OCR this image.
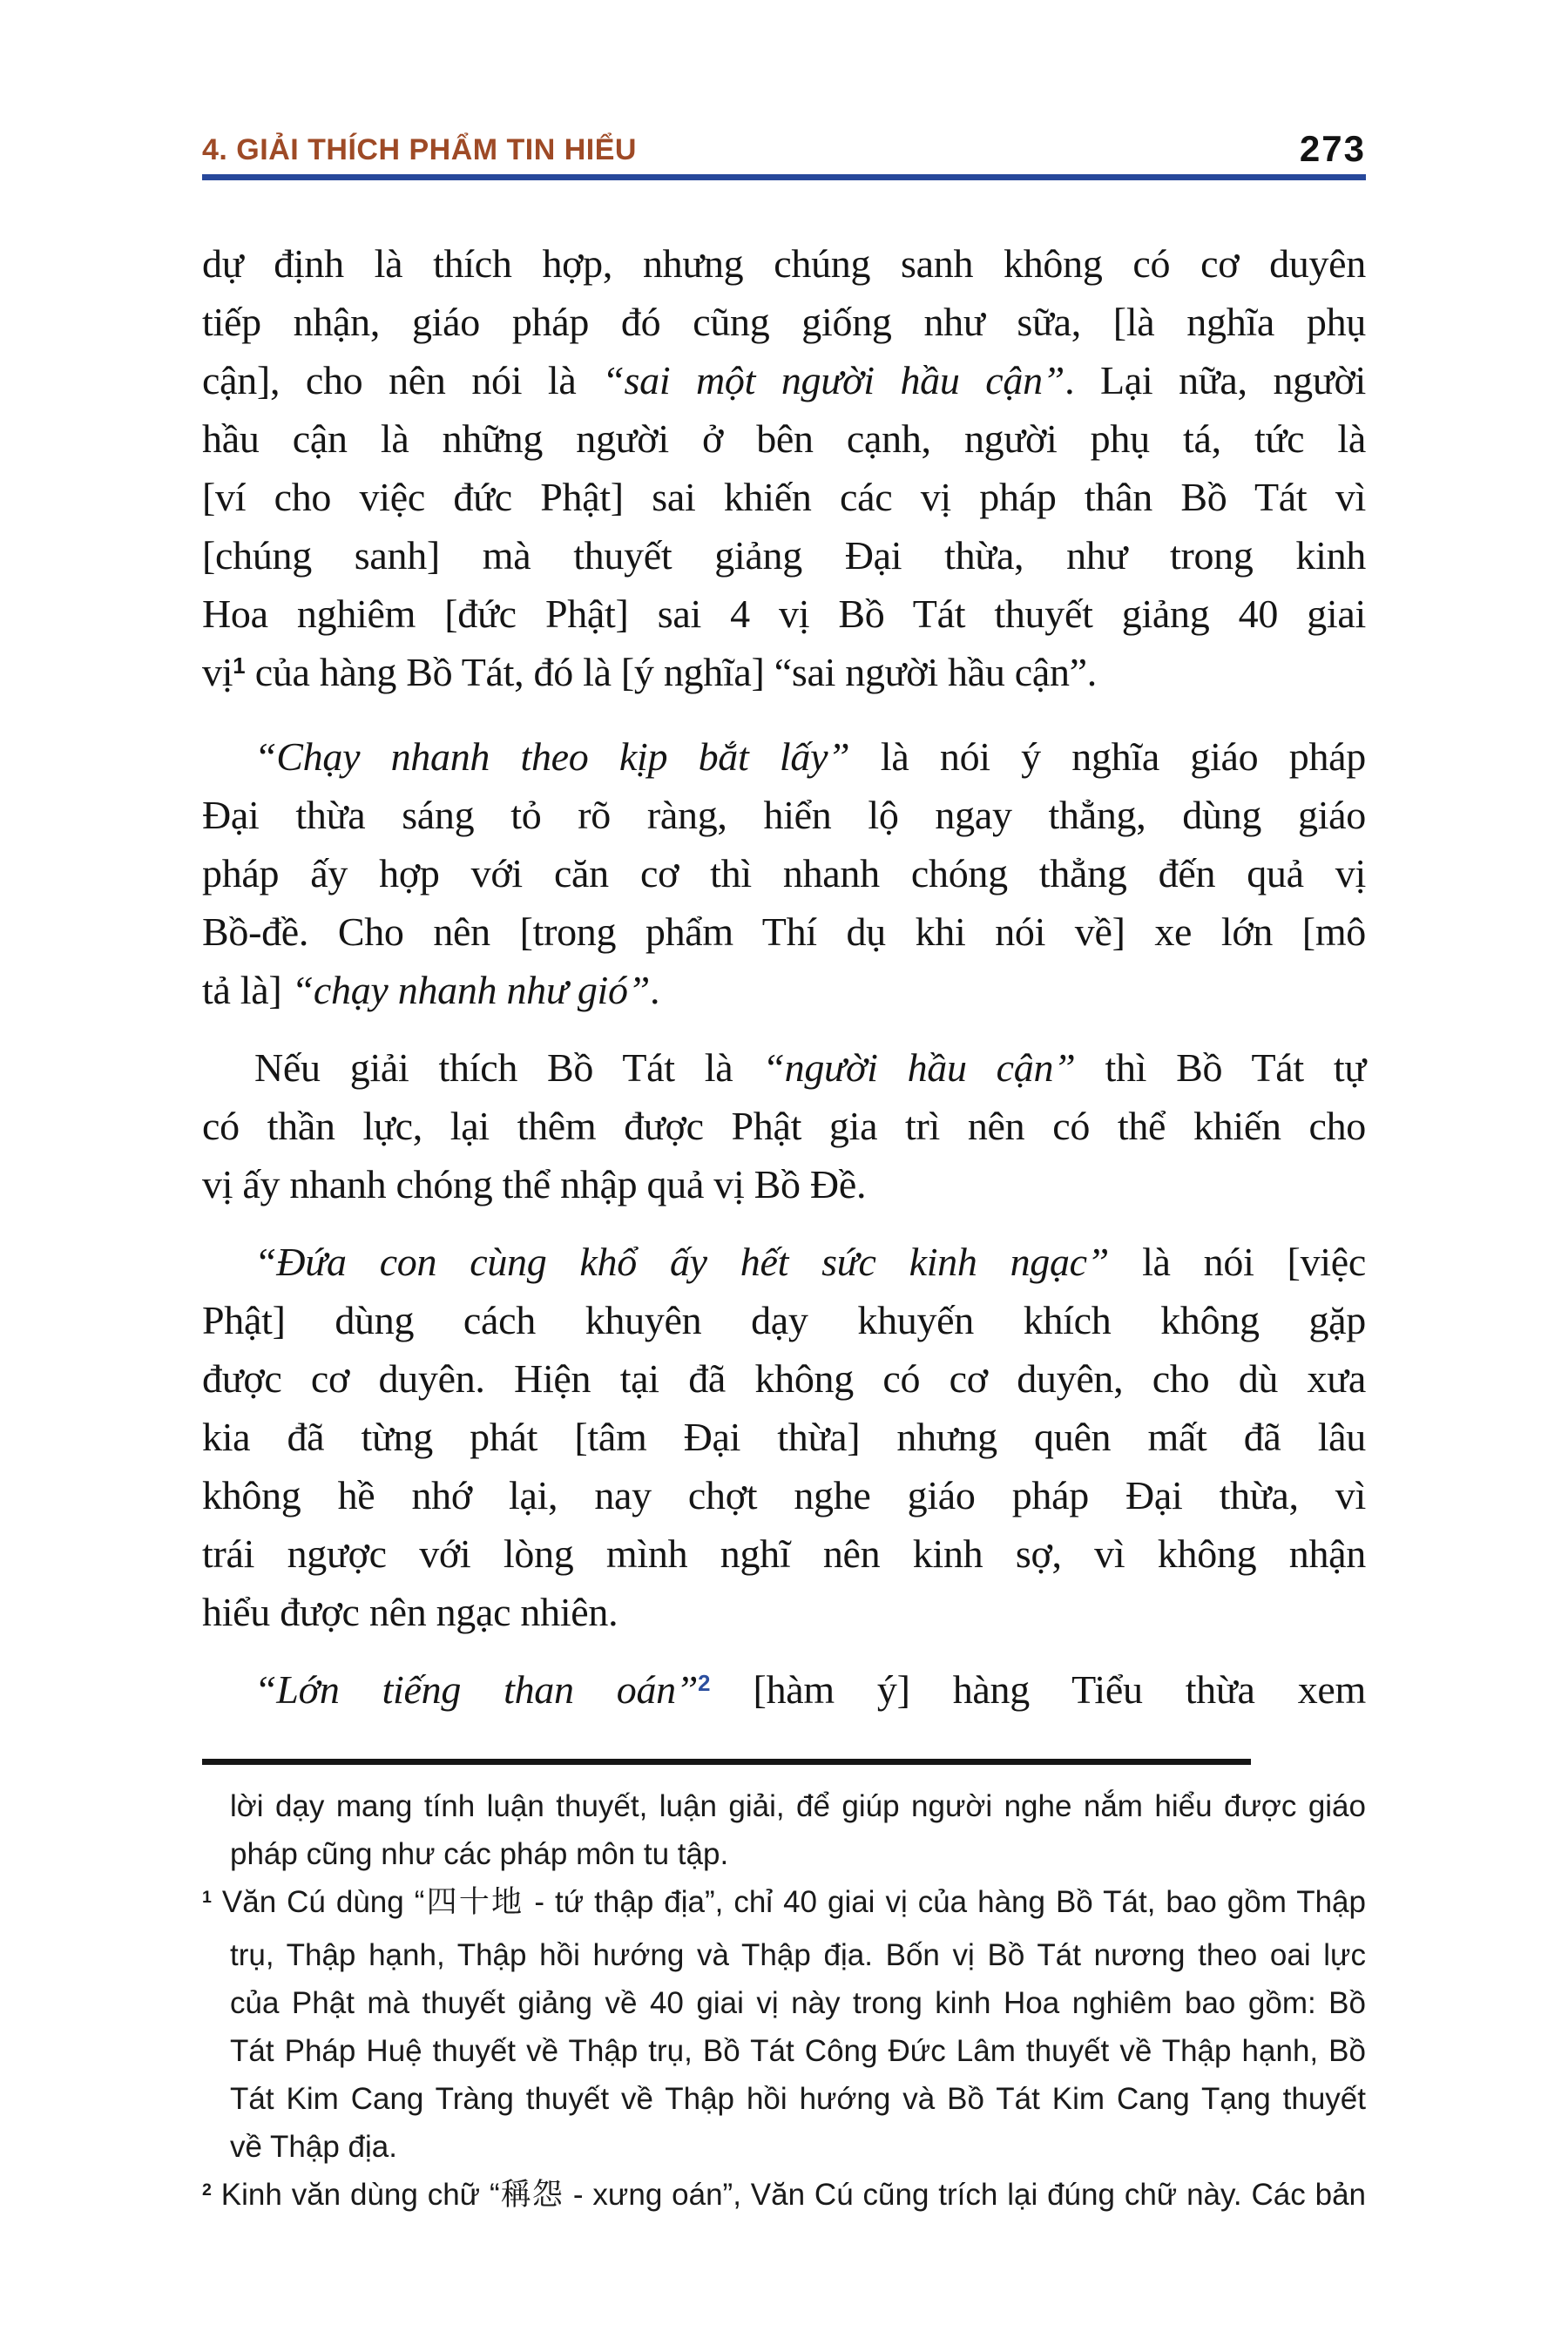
4. GIẢI THÍCH PHẨM TIN HIỂU	273
dự định là thích hợp, nhưng chúng sanh không có cơ duyên
tiếp nhận, giáo pháp đó cũng giống như sữa, [là nghĩa phụ
cận], cho nên nói là “sai một người hầu cận”. Lại nữa, người
hầu cận là những người ở bên cạnh, người phụ tá, tức là
[ví cho việc đức Phật] sai khiến các vị pháp thân Bồ Tát vì
[chúng sanh] mà thuyết giảng Đại thừa, như trong kinh
Hoa nghiêm [đức Phật] sai 4 vị Bồ Tát thuyết giảng 40 giai
vị$^1$ của hàng Bồ Tát, đó là [ý nghĩa] “sai người hầu cận”.
“Chạy nhanh theo kịp bắt lấy” là nói ý nghĩa giáo pháp
Đại thừa sáng tỏ rõ ràng, hiển lộ ngay thẳng, dùng giáo
pháp ấy hợp với căn cơ thì nhanh chóng thẳng đến quả vị
Bồ-đề. Cho nên [trong phẩm Thí dụ khi nói về] xe lớn [mô
tả là] “chạy nhanh như gió”.
Nếu giải thích Bồ Tát là “người hầu cận” thì Bồ Tát tự
có thần lực, lại thêm được Phật gia trì nên có thể khiến cho
vị ấy nhanh chóng thể nhập quả vị Bồ Đề.
“Đứa con cùng khổ ấy hết sức kinh ngạc” là nói [việc
Phật] dùng cách khuyên dạy khuyến khích không gặp
được cơ duyên. Hiện tại đã không có cơ duyên, cho dù xưa
kia đã từng phát [tâm Đại thừa] nhưng quên mất đã lâu
không hề nhớ lại, nay chợt nghe giáo pháp Đại thừa, vì
trái ngược với lòng mình nghĩ nên kinh sợ, vì không nhận
hiểu được nên ngạc nhiên.
“Lớn tiếng than oán”$^2$ [hàm ý] hàng Tiểu thừa xem
lời dạy mang tính luận thuyết, luận giải, để giúp người nghe nắm hiểu được giáo
pháp cũng như các pháp môn tu tập.
$^1$ Văn Cú dùng “四十地 - tứ thập địa”, chỉ 40 giai vị của hàng Bồ Tát, bao gồm Thập
trụ, Thập hạnh, Thập hồi hướng và Thập địa. Bốn vị Bồ Tát nương theo oai lực
của Phật mà thuyết giảng về 40 giai vị này trong kinh Hoa nghiêm bao gồm: Bồ
Tát Pháp Huệ thuyết về Thập trụ, Bồ Tát Công Đức Lâm thuyết về Thập hạnh, Bồ
Tát Kim Cang Tràng thuyết về Thập hồi hướng và Bồ Tát Kim Cang Tạng thuyết
về Thập địa.
$^2$ Kinh văn dùng chữ “稱怨 - xưng oán”, Văn Cú cũng trích lại đúng chữ này. Các bản
